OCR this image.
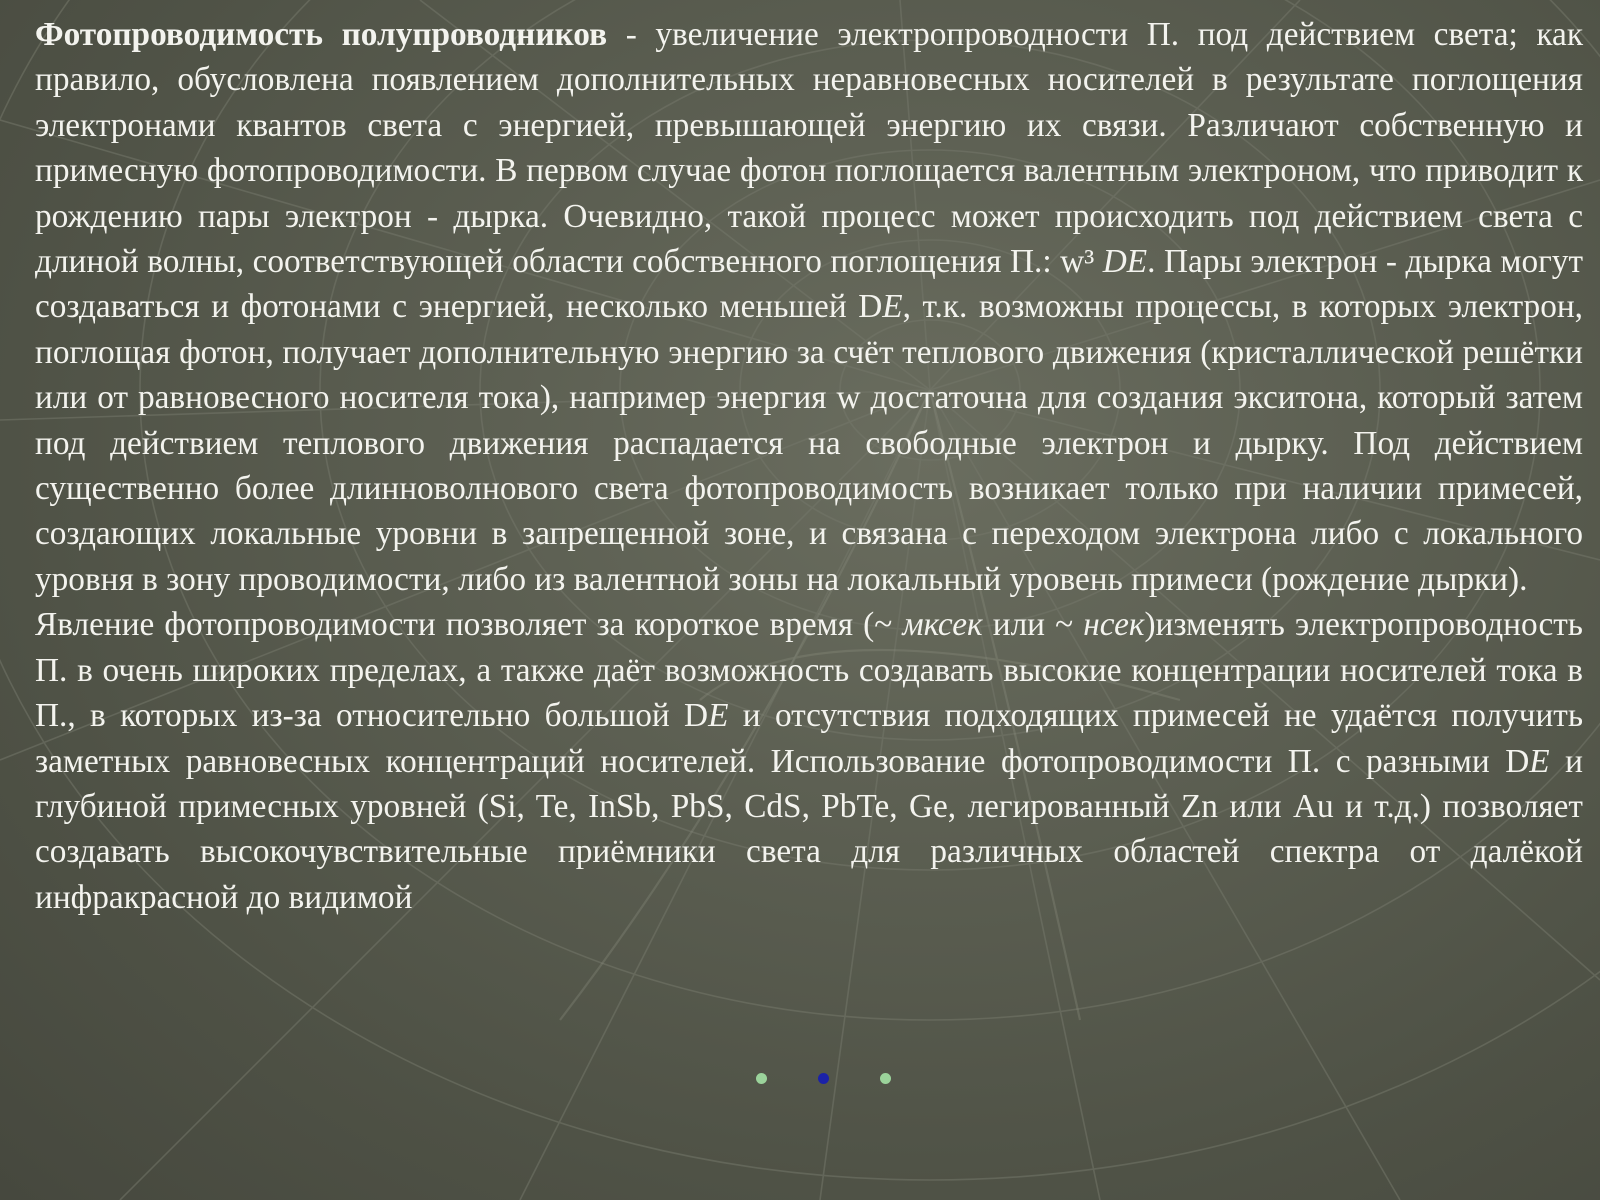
Фотопроводимость полупроводников - увеличение электропроводности П. под действием света; как правило, обусловлена появлением дополнительных неравновесных носителей в результате поглощения электронами квантов света с энергией, превышающей энергию их связи. Различают собственную и примесную фотопроводимости. В первом случае фотон поглощается валентным электроном, что приводит к рождению пары электрон - дырка. Очевидно, такой процесс может происходить под действием света с длиной волны, соответствующей области собственного поглощения П.: w³ DE. Пары электрон - дырка могут создаваться и фотонами с энергией, несколько меньшей DE, т.к. возможны процессы, в которых электрон, поглощая фотон, получает дополнительную энергию за счёт теплового движения (кристаллической решётки или от равновесного носителя тока), например энергия w достаточна для создания экситона, который затем под действием теплового движения распадается на свободные электрон и дырку. Под действием существенно более длинноволнового света фотопроводимость возникает только при наличии примесей, создающих локальные уровни в запрещенной зоне, и связана с переходом электрона либо с локального уровня в зону проводимости, либо из валентной зоны на локальный уровень примеси (рождение дырки).

Явление фотопроводимости позволяет за короткое время (~ мксек или ~ нсек)изменять электропроводность П. в очень широких пределах, а также даёт возможность создавать высокие концентрации носителей тока в П., в которых из-за относительно большой DE и отсутствия подходящих примесей не удаётся получить заметных равновесных концентраций носителей. Использование фотопроводимости П. с разными DE и глубиной примесных уровней (Si, Te, InSb, PbS, CdS, PbTe, Ge, легированный Zn или Au и т.д.) позволяет создавать высокочувствительные приёмники света для различных областей спектра от далёкой инфракрасной до видимой
